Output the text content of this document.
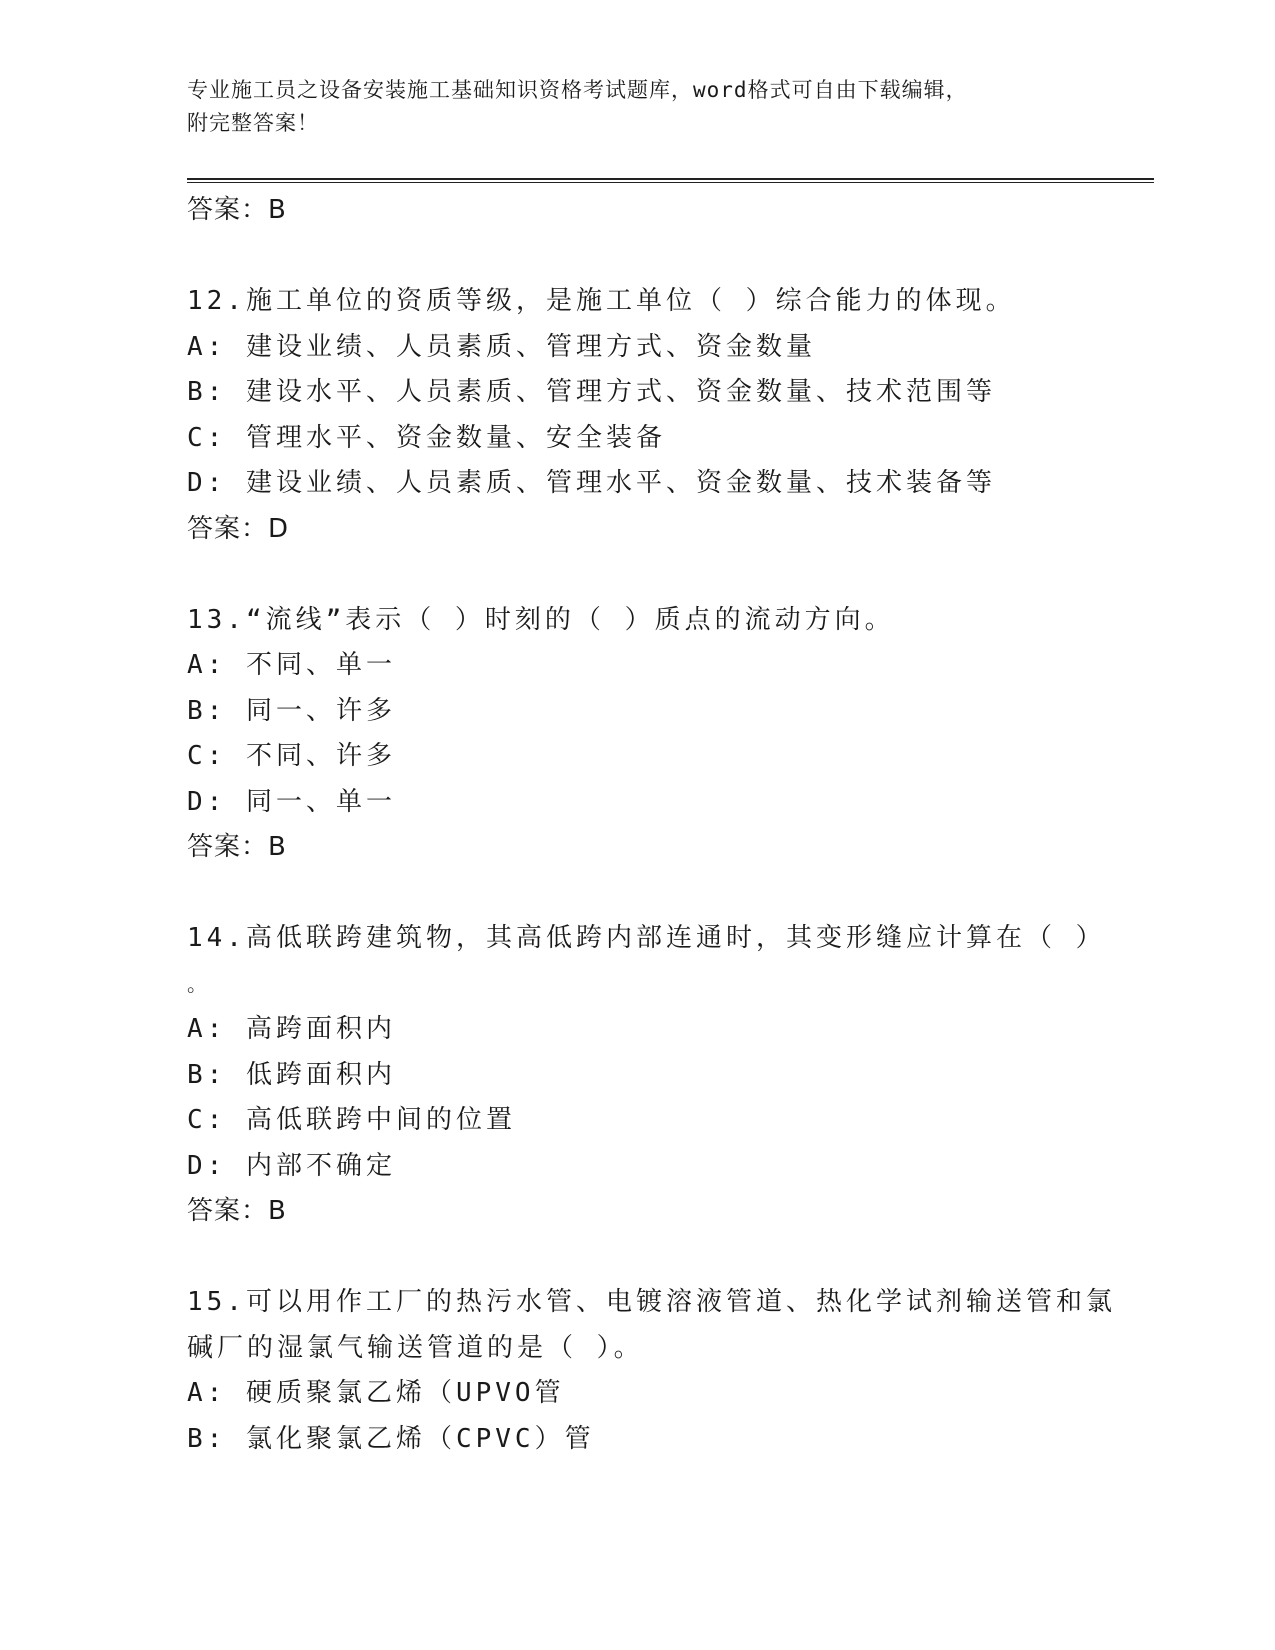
专业施工员之设备安装施工基础知识资格考试题库，word格式可自由下载编辑，
附完整答案！
答案：B
12.施工单位的资质等级，是施工单位（ ）综合能力的体现。
A: 建设业绩、人员素质、管理方式、资金数量
B: 建设水平、人员素质、管理方式、资金数量、技术范围等
C: 管理水平、资金数量、安全装备
D: 建设业绩、人员素质、管理水平、资金数量、技术装备等
答案：D
13.“流线”表示（ ）时刻的（ ）质点的流动方向。
A: 不同、单一
B: 同一、许多
C: 不同、许多
D: 同一、单一
答案：B
14.高低联跨建筑物，其高低跨内部连通时，其变形缝应计算在（ ）
。
A: 高跨面积内
B: 低跨面积内
C: 高低联跨中间的位置
D: 内部不确定
答案：B
15.可以用作工厂的热污水管、电镀溶液管道、热化学试剂输送管和氯
碱厂的湿氯气输送管道的是（ ）。
A: 硬质聚氯乙烯（UPVO管
B: 氯化聚氯乙烯（CPVC）管
